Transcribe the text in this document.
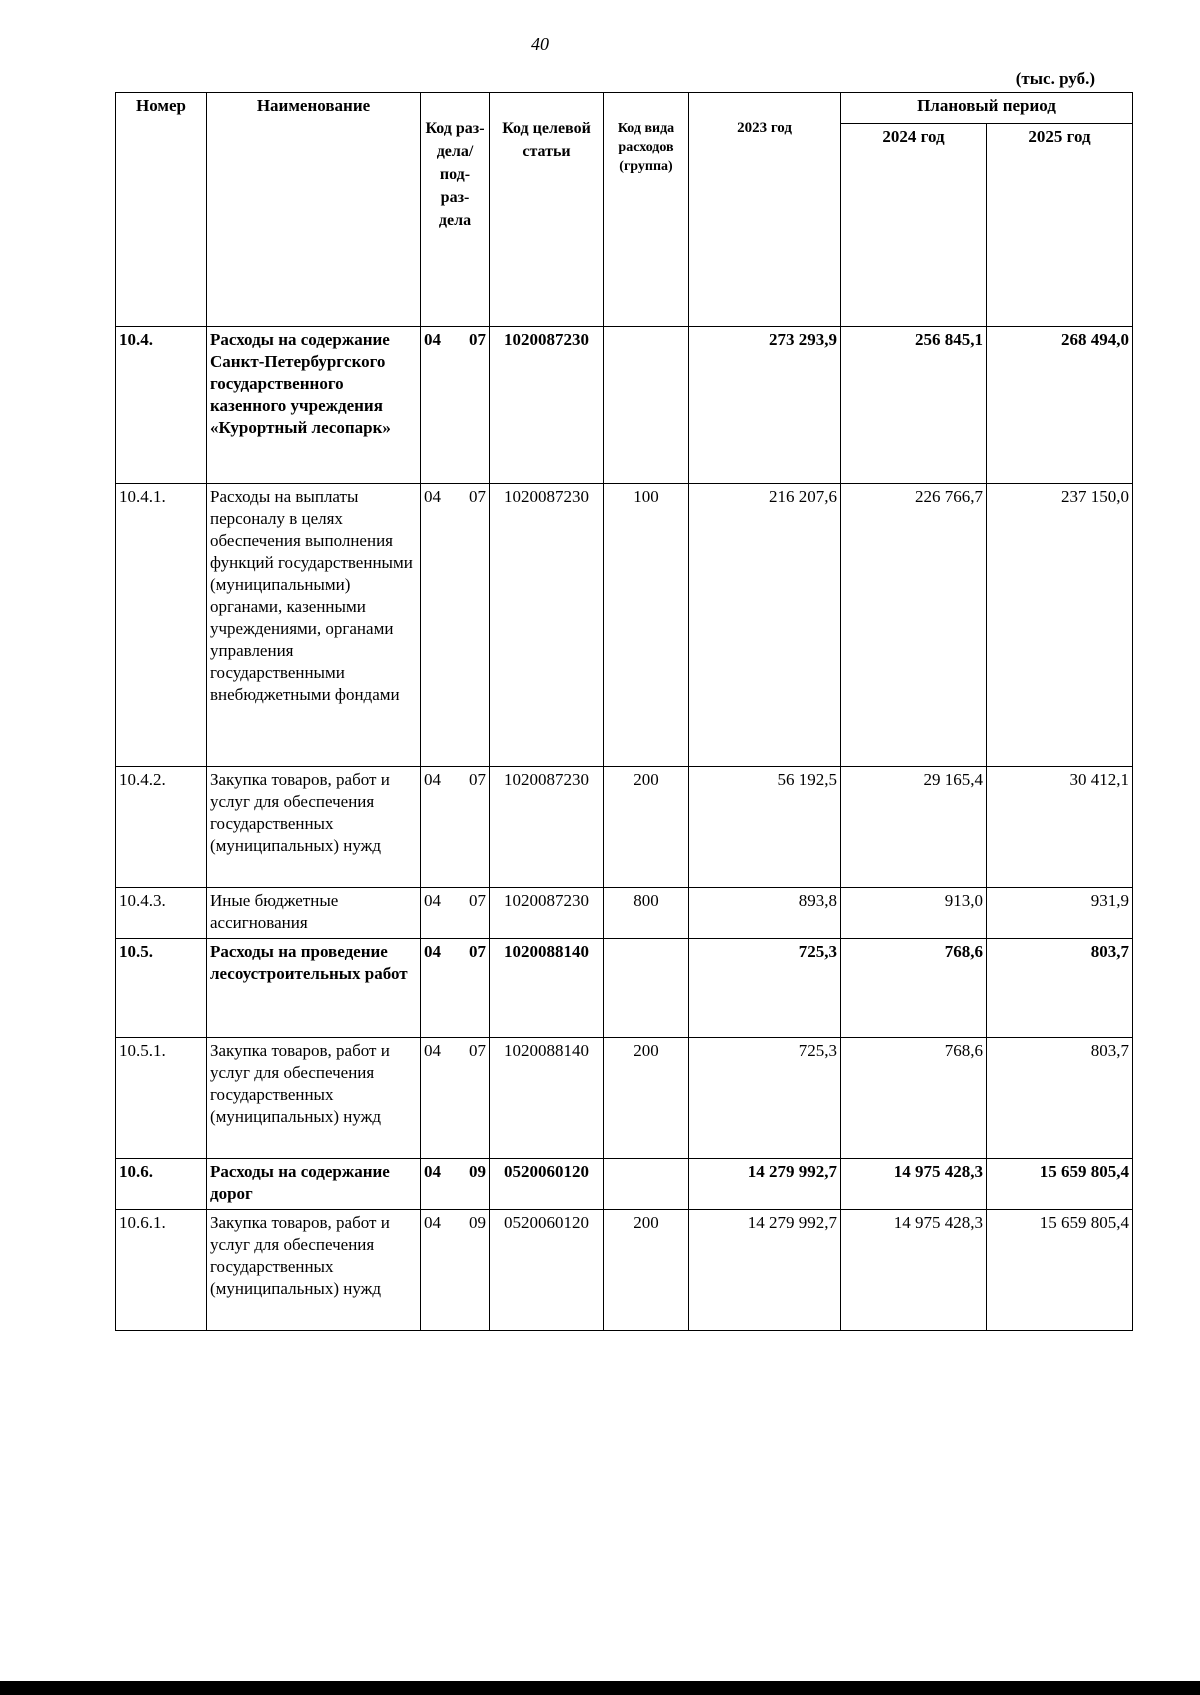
40
(тыс. руб.)
Номер	Наименование	Код раз- дела/ под- раз- дела	Код целевой статьи	Код вида расходов (группа)	2023 год	Плановый период	
						2024 год	2025 год
10.4.	Расходы на содержание Санкт-Петербургского государственного казенного учреждения «Курортный лесопарк»	04 07	1020087230		273 293,9	256 845,1	268 494,0
10.4.1.	Расходы на выплаты персоналу в целях обеспечения выполнения функций государственными (муниципальными) органами, казенными учреждениями, органами управления государственными внебюджетными фондами	04 07	1020087230	100	216 207,6	226 766,7	237 150,0
10.4.2.	Закупка товаров, работ и услуг для обеспечения государственных (муниципальных) нужд	04 07	1020087230	200	56 192,5	29 165,4	30 412,1
10.4.3.	Иные бюджетные ассигнования	04 07	1020087230	800	893,8	913,0	931,9
10.5.	Расходы на проведение лесоустроительных работ	04 07	1020088140		725,3	768,6	803,7
10.5.1.	Закупка товаров, работ и услуг для обеспечения государственных (муниципальных) нужд	04 07	1020088140	200	725,3	768,6	803,7
10.6.	Расходы на содержание дорог	04 09	0520060120		14 279 992,7	14 975 428,3	15 659 805,4
10.6.1.	Закупка товаров, работ и услуг для обеспечения государственных (муниципальных) нужд	04 09	0520060120	200	14 279 992,7	14 975 428,3	15 659 805,4
